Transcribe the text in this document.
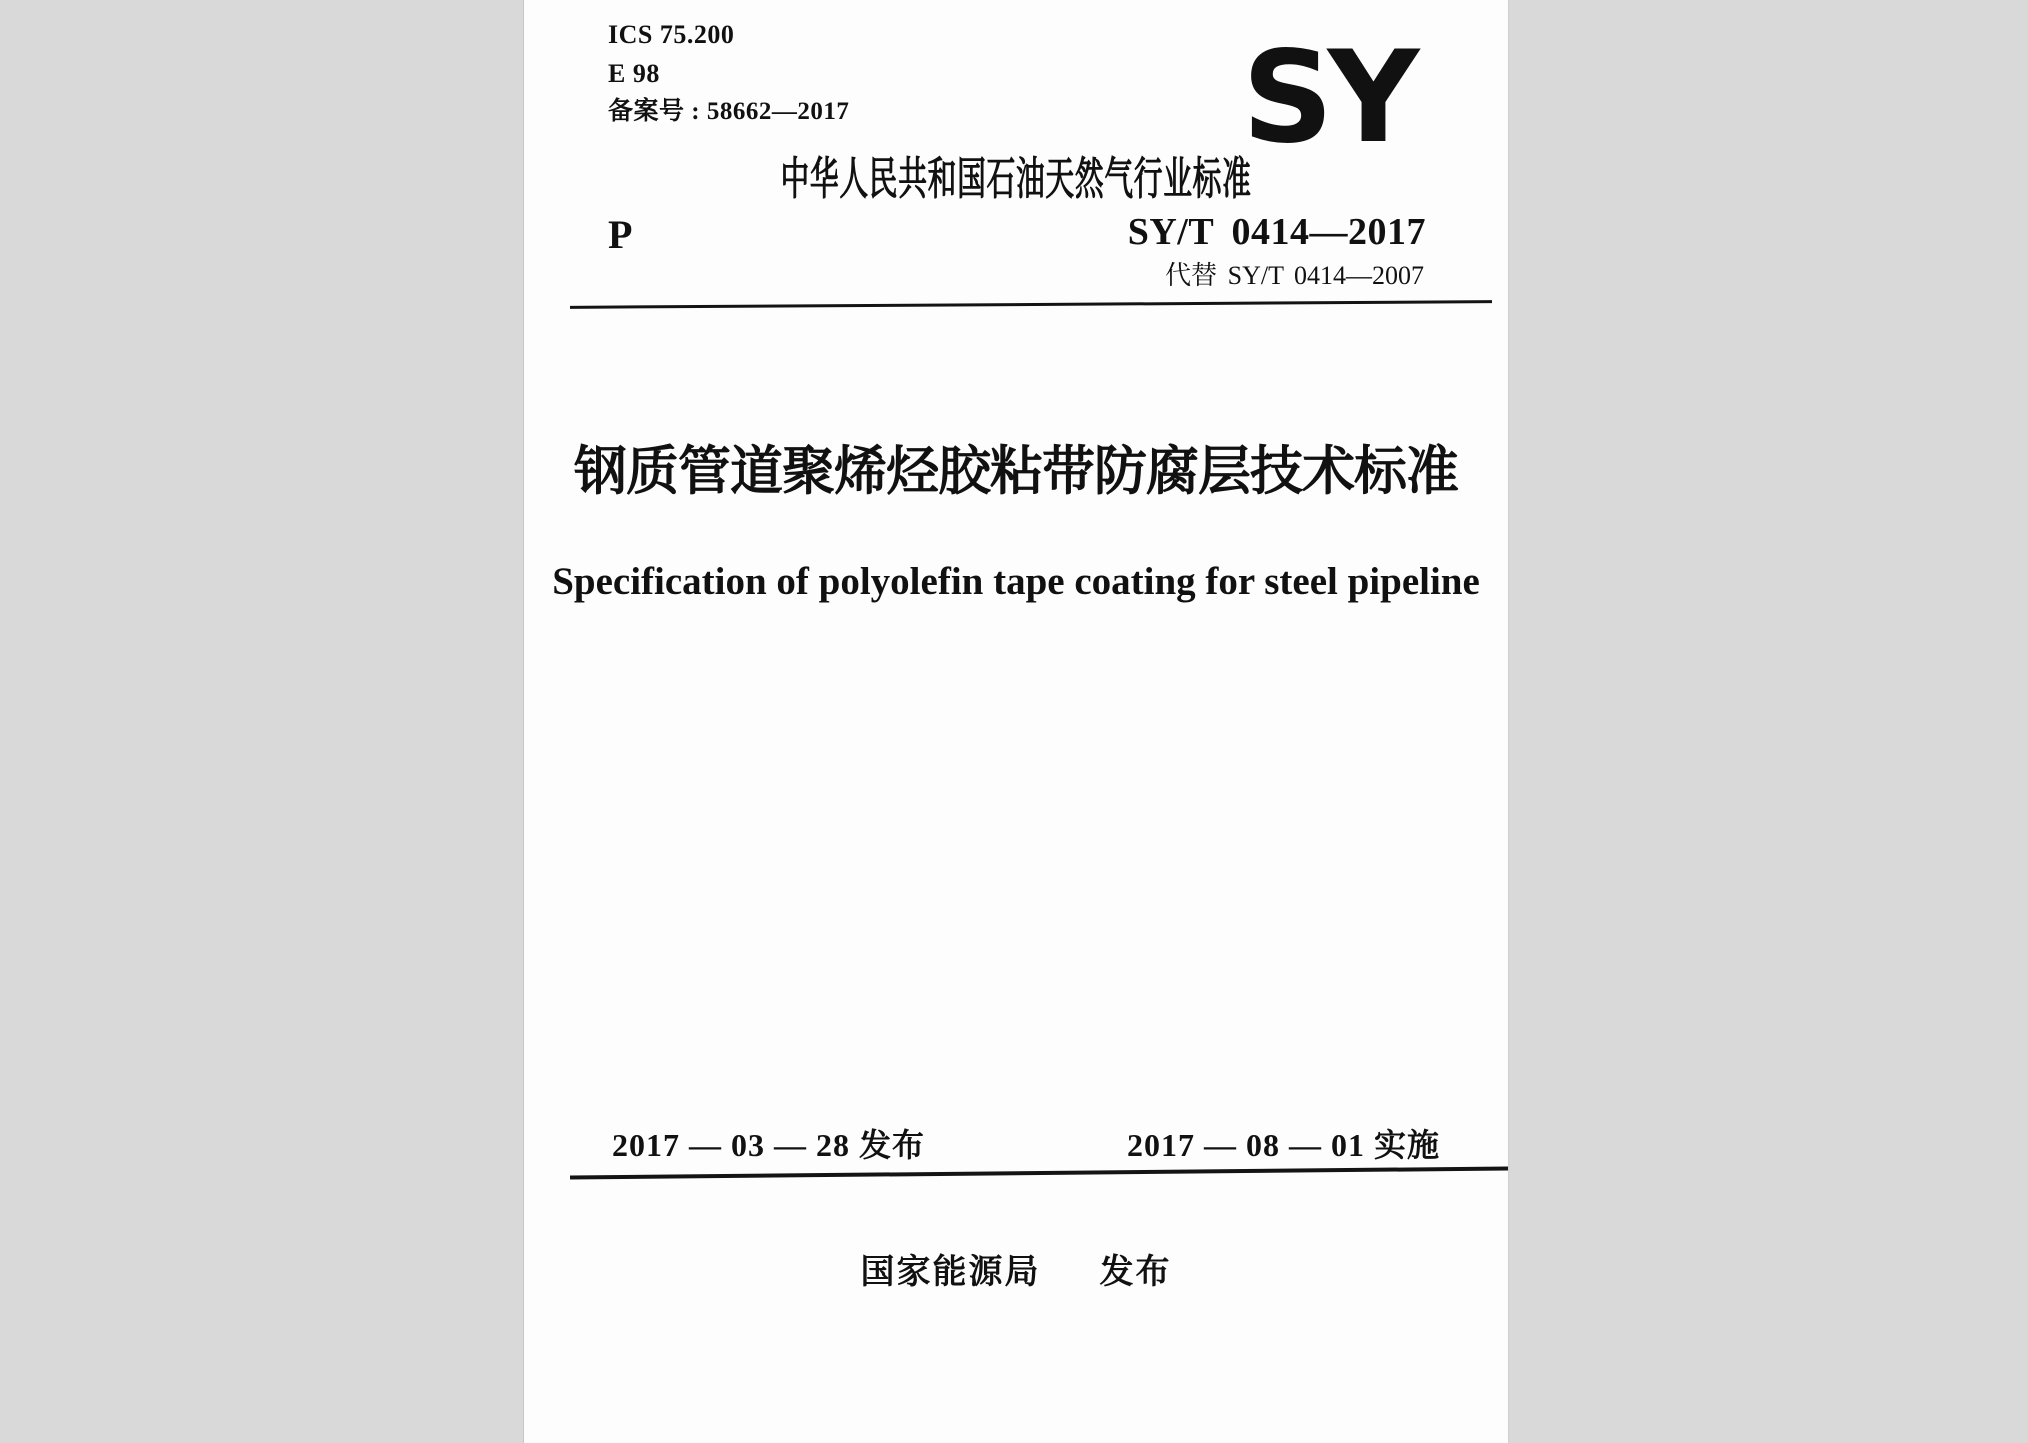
ICS 75.200
E 98
备案号 : 58662—2017	SY
中华人民共和国石油天然气行业标准
P	SY/T 0414—2017
代替 SY/T 0414—2007
钢质管道聚烯烃胶粘带防腐层技术标准
Specification of polyolefin tape coating for steel pipeline
2017 — 03 — 28 发布	2017 — 08 — 01 实施
国家能源局 发布
